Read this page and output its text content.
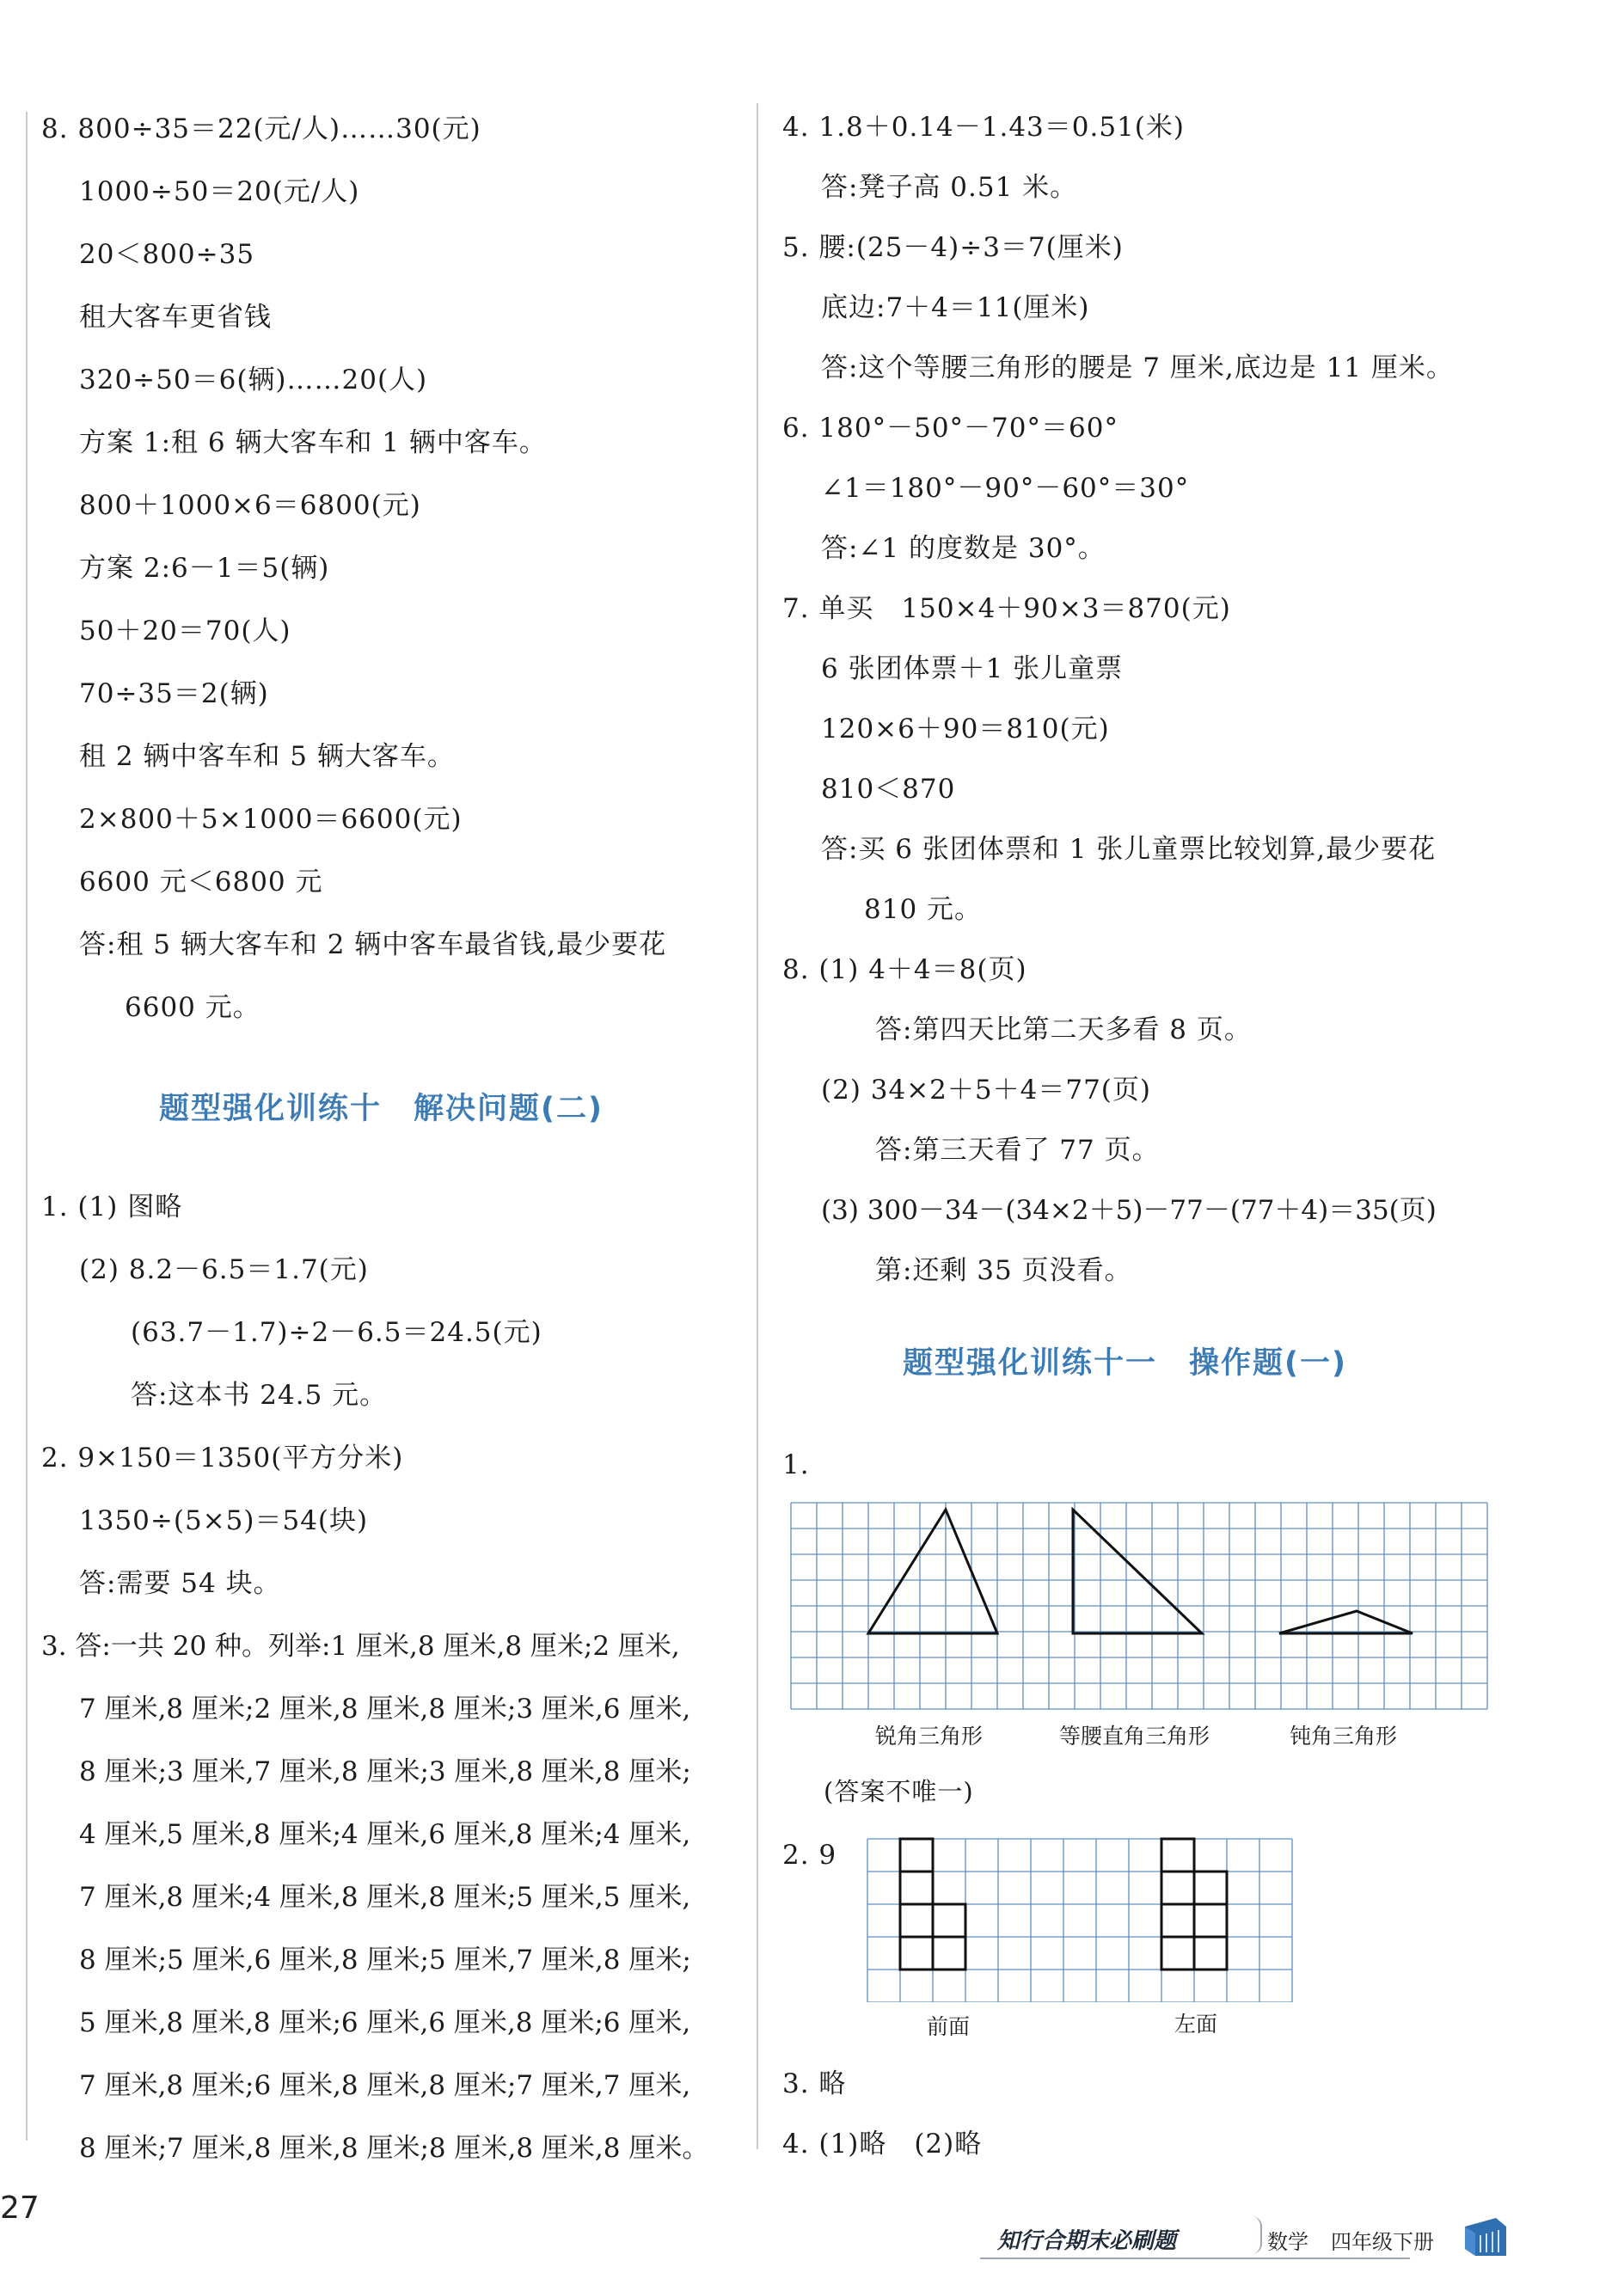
8. 800÷35＝22(元/人)……30(元)
1000÷50＝20(元/人)
20＜800÷35
租大客车更省钱
320÷50＝6(辆)……20(人)
方案 1:租 6 辆大客车和 1 辆中客车。
800＋1000×6＝6800(元)
方案 2:6－1＝5(辆)
50＋20＝70(人)
70÷35＝2(辆)
租 2 辆中客车和 5 辆大客车。
2×800＋5×1000＝6600(元)
6600 元＜6800 元
答:租 5 辆大客车和 2 辆中客车最省钱,最少要花
6600 元。
题型强化训练十　解决问题(二)
1. (1) 图略
(2) 8.2－6.5＝1.7(元)
(63.7－1.7)÷2－6.5＝24.5(元)
答:这本书 24.5 元。
2. 9×150＝1350(平方分米)
1350÷(5×5)＝54(块)
答:需要 54 块。
3. 答:一共 20 种。列举:1 厘米,8 厘米,8 厘米;2 厘米,
7 厘米,8 厘米;2 厘米,8 厘米,8 厘米;3 厘米,6 厘米,
8 厘米;3 厘米,7 厘米,8 厘米;3 厘米,8 厘米,8 厘米;
4 厘米,5 厘米,8 厘米;4 厘米,6 厘米,8 厘米;4 厘米,
7 厘米,8 厘米;4 厘米,8 厘米,8 厘米;5 厘米,5 厘米,
8 厘米;5 厘米,6 厘米,8 厘米;5 厘米,7 厘米,8 厘米;
5 厘米,8 厘米,8 厘米;6 厘米,6 厘米,8 厘米;6 厘米,
7 厘米,8 厘米;6 厘米,8 厘米,8 厘米;7 厘米,7 厘米,
8 厘米;7 厘米,8 厘米,8 厘米;8 厘米,8 厘米,8 厘米。
4. 1.8＋0.14－1.43＝0.51(米)
答:凳子高 0.51 米。
5. 腰:(25－4)÷3＝7(厘米)
底边:7＋4＝11(厘米)
答:这个等腰三角形的腰是 7 厘米,底边是 11 厘米。
6. 180°－50°－70°＝60°
∠1＝180°－90°－60°＝30°
答:∠1 的度数是 30°。
7. 单买　150×4＋90×3＝870(元)
6 张团体票＋1 张儿童票
120×6＋90＝810(元)
810＜870
答:买 6 张团体票和 1 张儿童票比较划算,最少要花
810 元。
8. (1) 4＋4＝8(页)
答:第四天比第二天多看 8 页。
(2) 34×2＋5＋4＝77(页)
答:第三天看了 77 页。
(3) 300－34－(34×2＋5)－77－(77＋4)＝35(页)
第:还剩 35 页没看。
题型强化训练十一　操作题(一)
1.
锐角三角形	等腰直角三角形	钝角三角形
(答案不唯一)
2. 9
前面	左面
3. 略
4. (1)略　(2)略
27
知行合期末必刷题	数学 四年级下册
